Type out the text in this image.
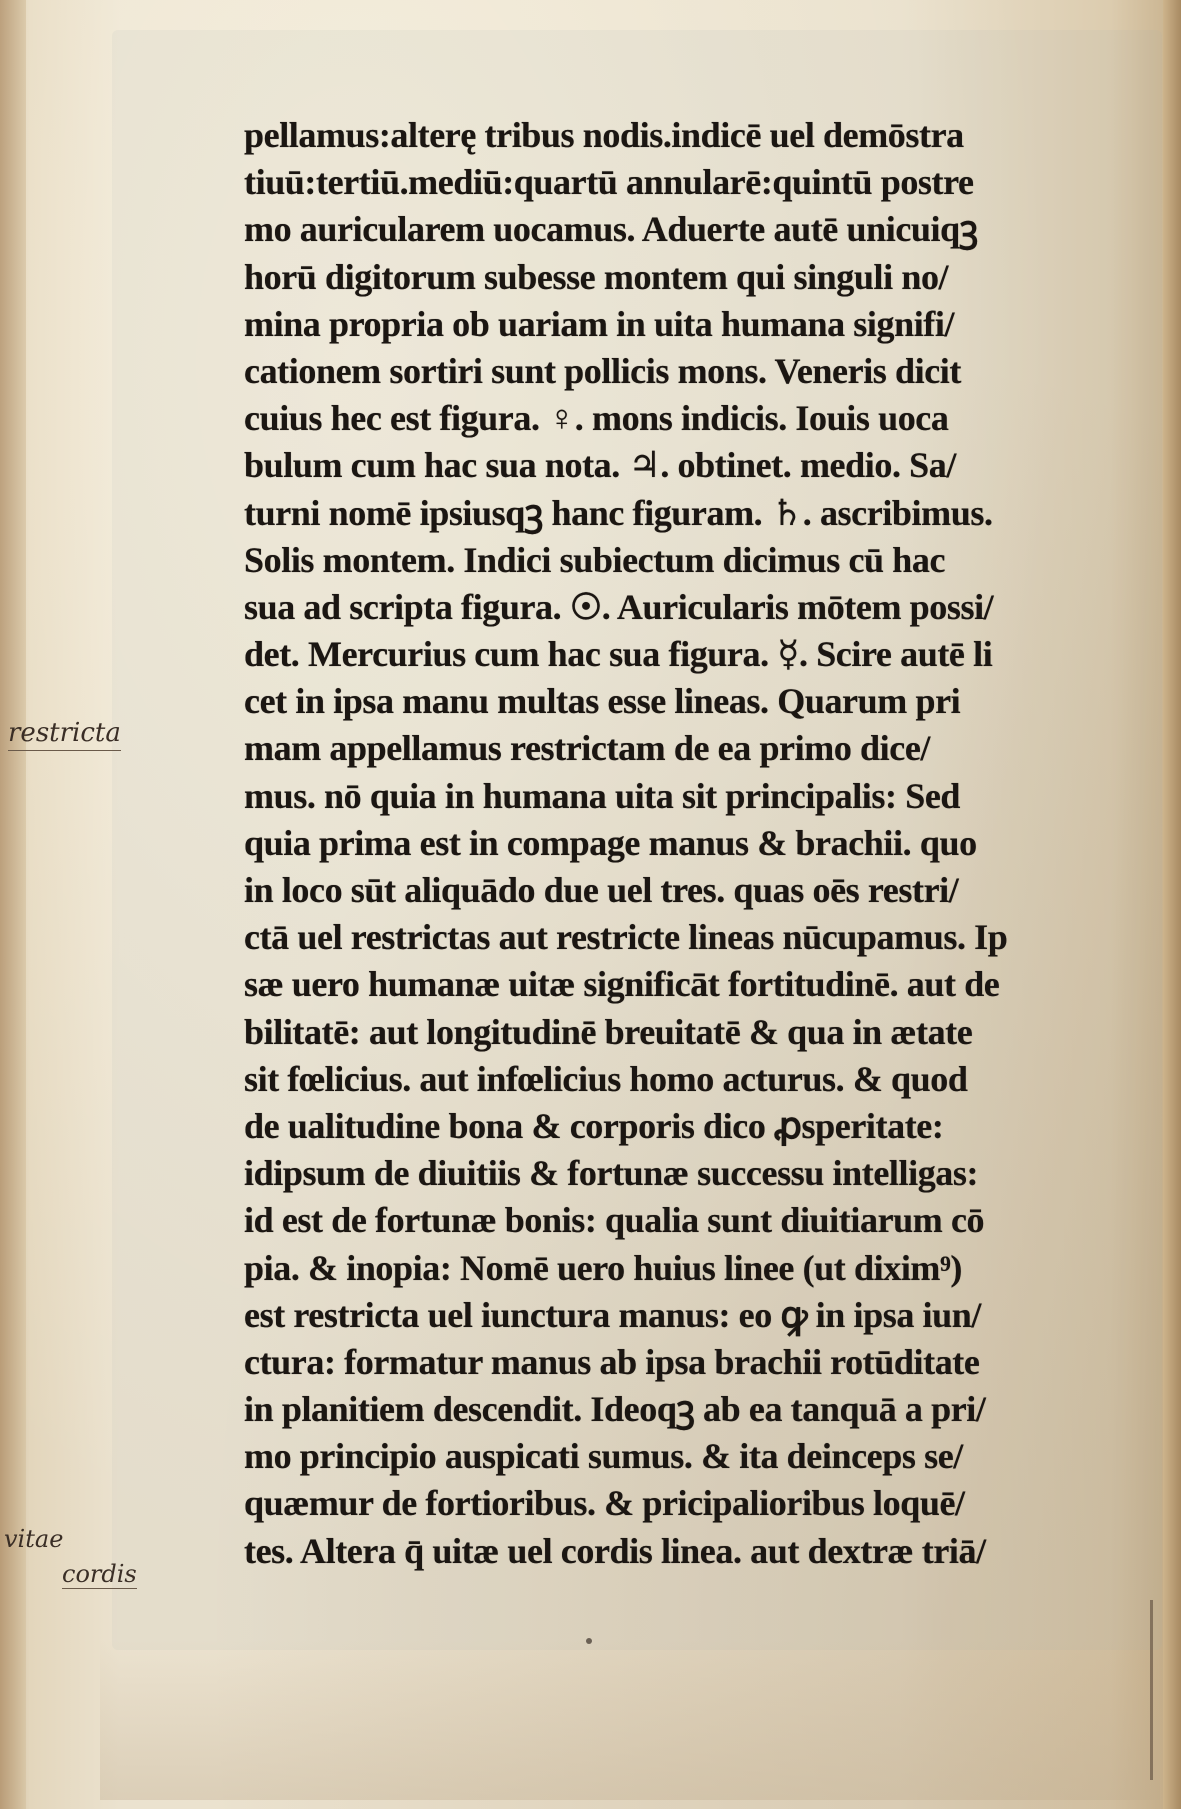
pellamus:alterę tribus nodis.indicē uel demōstra
tiuū:tertiū.mediū:quartū annularē:quintū postre
mo auricularem uocamus. Aduerte autē unicuiqꝫ
horū digitorum subesse montem qui singuli no/
mina propria ob uariam in uita humana signifi/
cationem sortiri sunt pollicis mons. Veneris dicit
cuius hec est figura. ♀. mons indicis. Iouis uoca
bulum cum hac sua nota. ♃. obtinet. medio. Sa/
turni nomē ipsiusqꝫ hanc figuram. ♄. ascribimus.
Solis montem. Indici subiectum dicimus cū hac
sua ad scripta figura. ☉. Auricularis mōtem possi/
det. Mercurius cum hac sua figura. ☿. Scire autē li
cet in ipsa manu multas esse lineas. Quarum pri
mam appellamus restrictam de ea primo dice/
mus. nō quia in humana uita sit principalis: Sed
quia prima est in compage manus & brachii. quo
in loco sūt aliquādo due uel tres. quas oēs restri/
ctā uel restrictas aut restricte lineas nūcupamus. Ip
sæ uero humanæ uitæ significāt fortitudinē. aut de
bilitatē: aut longitudinē breuitatē & qua in ætate
sit fœlicius. aut infœlicius homo acturus. & quod
de ualitudine bona & corporis dico ꝓsperitate:
idipsum de diuitiis & fortunæ successu intelligas:
id est de fortunæ bonis: qualia sunt diuitiarum cō
pia. & inopia: Nomē uero huius linee (ut dixim⁹)
est restricta uel iunctura manus: eo ꝙ in ipsa iun/
ctura: formatur manus ab ipsa brachii rotūditate
in planitiem descendit. Ideoqꝫ ab ea tanquā a pri/
mo principio auspicati sumus. & ita deinceps se/
quæmur de fortioribus. & pricipalioribus loquē/
tes. Altera q̄ uitæ uel cordis linea. aut dextræ triā/
restricta
vitae
cordis
